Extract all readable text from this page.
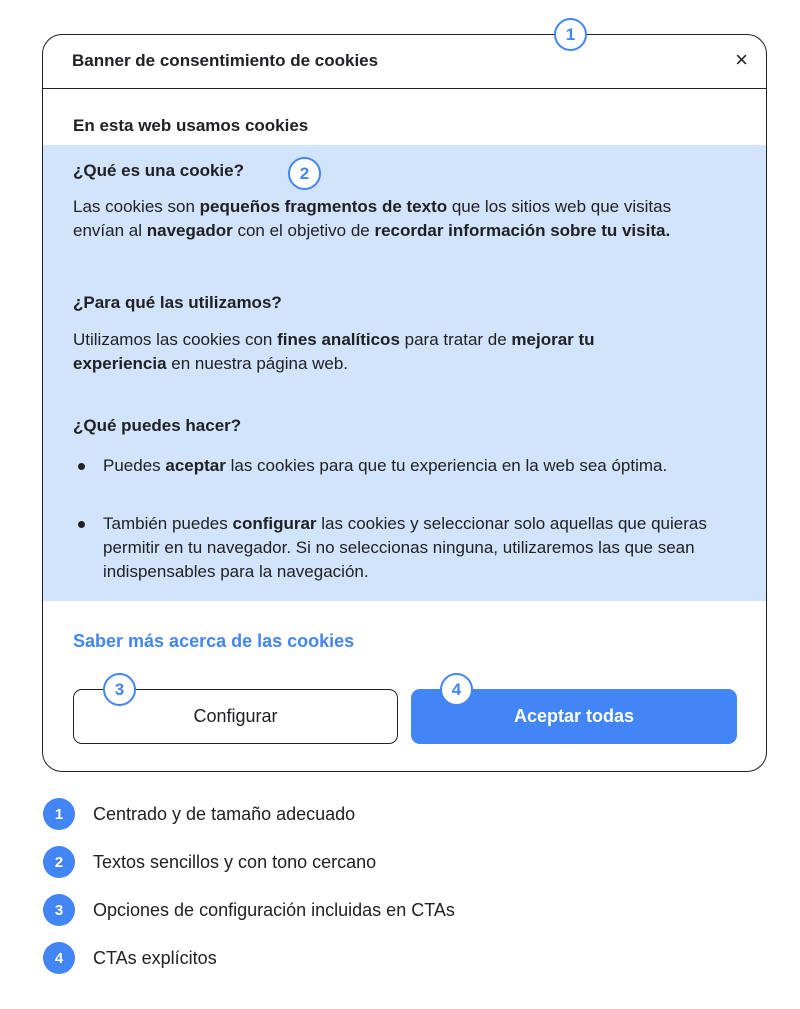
Banner de consentimiento de cookies	×
En esta web usamos cookies
¿Qué es una cookie?
Las cookies son pequeños fragmentos de texto que los sitios web que visitas envían al navegador con el objetivo de recordar información sobre tu visita.
¿Para qué las utilizamos?
Utilizamos las cookies con fines analíticos para tratar de mejorar tu experiencia en nuestra página web.
¿Qué puedes hacer?
Puedes aceptar las cookies para que tu experiencia en la web sea óptima.
También puedes configurar las cookies y seleccionar solo aquellas que quieras permitir en tu navegador. Si no seleccionas ninguna, utilizaremos las que sean indispensables para la navegación.
Saber más acerca de las cookies
Configurar	Aceptar todas
1
2
3	4
1	Centrado y de tamaño adecuado
2	Textos sencillos y con tono cercano
3	Opciones de configuración incluidas en CTAs
4	CTAs explícitos
